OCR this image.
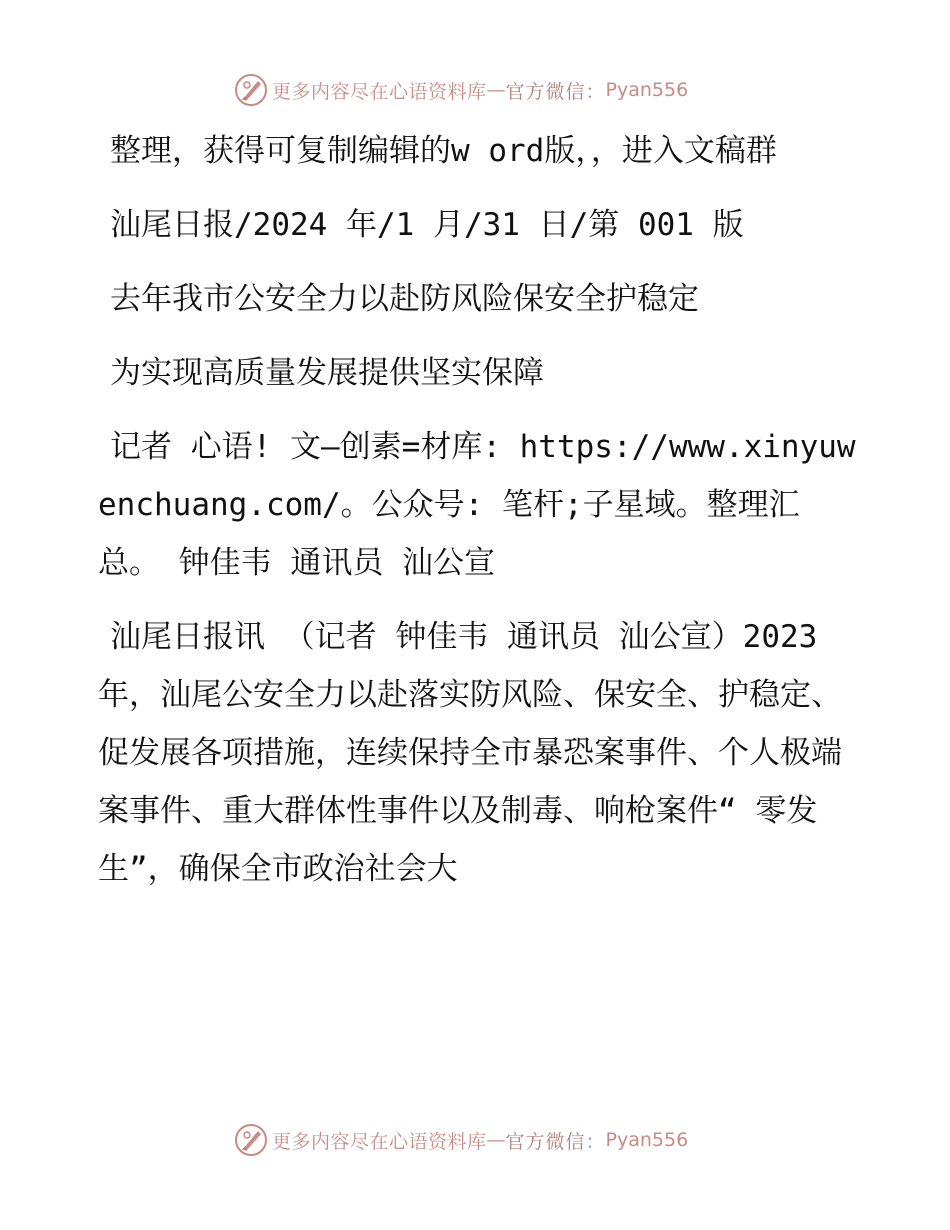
更多内容尽在心语资料库 — 官方微信： Pyan556

整理，获得可复制编辑的w ord版，，进入文稿群

汕尾日报/2024 年/1 月/31 日/第 001 版

去年我市公安全力以赴防风险保安全护稳定

为实现高质量发展提供坚实保障

记者 心语! 文—创素=材库: https://www.xinyuwenchuang.com/。公众号: 笔杆;子星域。整理汇总。 钟佳韦 通讯员 汕公宣

汕尾日报讯 （记者 钟佳韦 通讯员 汕公宣）2023 年，汕尾公安全力以赴落实防风险、保安全、护稳定、促发展各项措施，连续保持全市暴恐案事件、个人极端案事件、重大群体性事件以及制毒、响枪案件“ 零发生”，确保全市政治社会大

更多内容尽在心语资料库 — 官方微信： Pyan556
